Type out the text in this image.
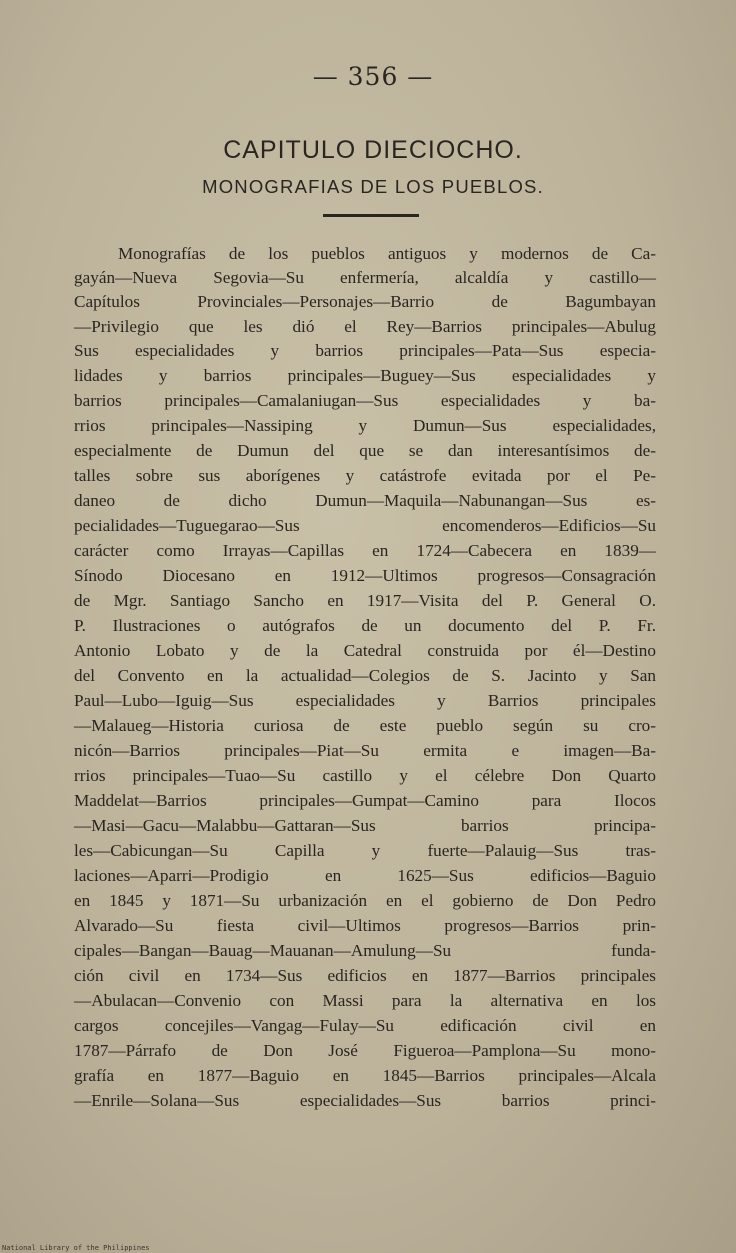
— 356 —
CAPITULO DIECIOCHO.
MONOGRAFIAS DE LOS PUEBLOS.
Monografías de los pueblos antiguos y modernos de Ca-
gayán—Nueva Segovia—Su enfermería, alcaldía y castillo—
Capítulos Provinciales—Personajes—Barrio de Bagumbayan
—Privilegio que les dió el Rey—Barrios principales—Abulug
Sus especialidades y barrios principales—Pata—Sus especia-
lidades y barrios principales—Buguey—Sus especialidades y
barrios principales—Camalaniugan—Sus especialidades y ba-
rrios principales—Nassiping y Dumun—Sus especialidades,
especialmente de Dumun del que se dan interesantísimos de-
talles sobre sus aborígenes y catástrofe evitada por el Pe-
daneo de dicho Dumun—Maquila—Nabunangan—Sus es-
pecialidades—Tuguegarao—Sus encomenderos—Edificios—Su
carácter como Irrayas—Capillas en 1724—Cabecera en 1839—
Sínodo Diocesano en 1912—Ultimos progresos—Consagración
de Mgr. Santiago Sancho en 1917—Visita del P. General O.
P. Ilustraciones o autógrafos de un documento del P. Fr.
Antonio Lobato y de la Catedral construida por él—Destino
del Convento en la actualidad—Colegios de S. Jacinto y San
Paul—Lubo—Iguig—Sus especialidades y Barrios principales
—Malaueg—Historia curiosa de este pueblo según su cro-
nicón—Barrios principales—Piat—Su ermita e imagen—Ba-
rrios principales—Tuao—Su castillo y el célebre Don Quarto
Maddelat—Barrios principales—Gumpat—Camino para Ilocos
—Masi—Gacu—Malabbu—Gattaran—Sus barrios principa-
les—Cabicungan—Su Capilla y fuerte—Palauig—Sus tras-
laciones—Aparri—Prodigio en 1625—Sus edificios—Baguio
en 1845 y 1871—Su urbanización en el gobierno de Don Pedro
Alvarado—Su fiesta civil—Ultimos progresos—Barrios prin-
cipales—Bangan—Bauag—Mauanan—Amulung—Su funda-
ción civil en 1734—Sus edificios en 1877—Barrios principales
—Abulacan—Convenio con Massi para la alternativa en los
cargos concejiles—Vangag—Fulay—Su edificación civil en
1787—Párrafo de Don José Figueroa—Pamplona—Su mono-
grafía en 1877—Baguio en 1845—Barrios principales—Alcala
—Enrile—Solana—Sus especialidades—Sus barrios princi-
National Library of the Philippines
